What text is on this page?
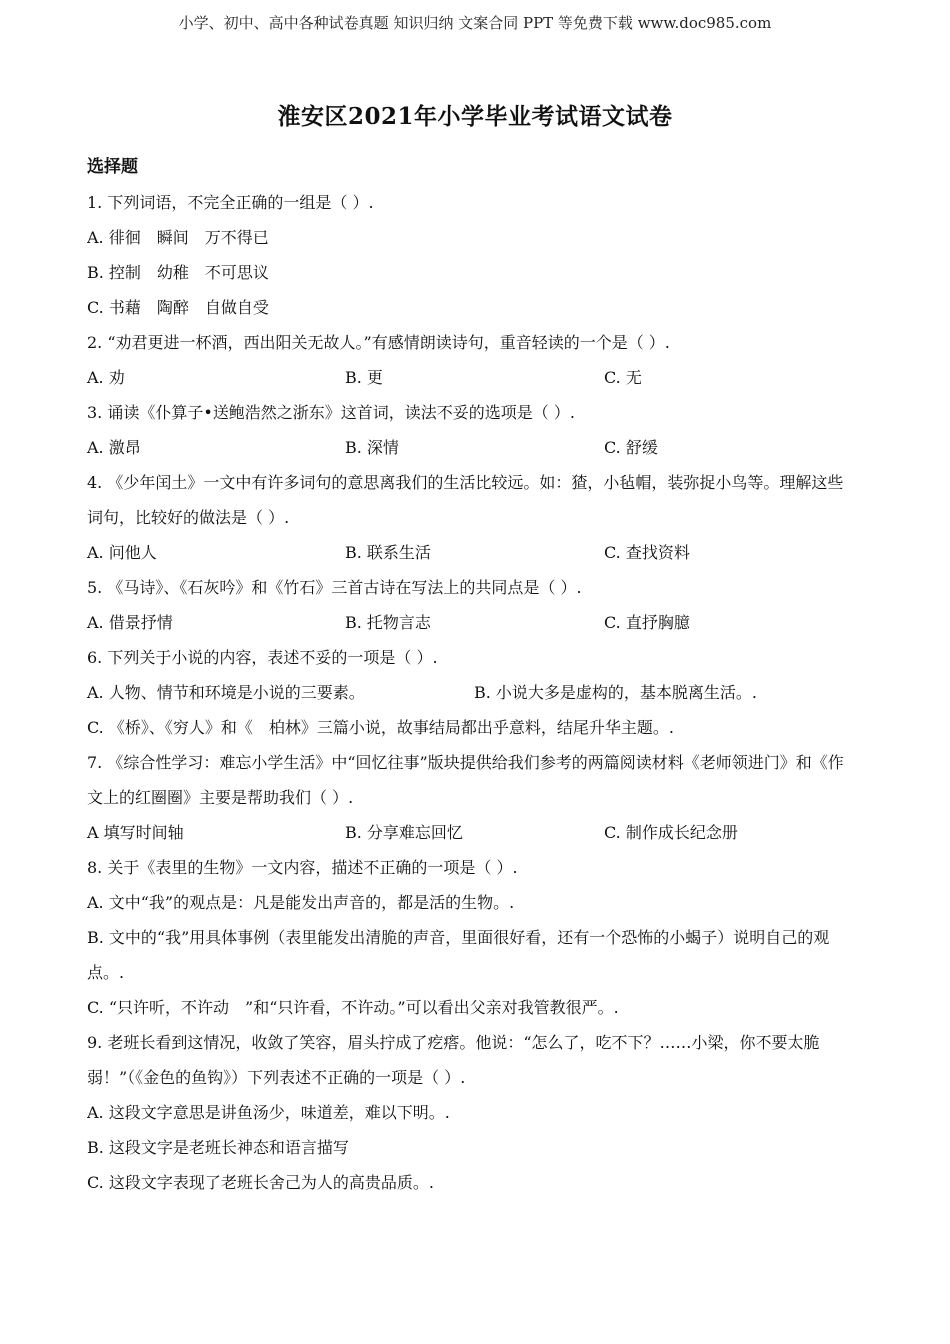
小学、初中、高中各种试卷真题 知识归纳 文案合同 PPT 等免费下载 www.doc985.com
淮安区2021年小学毕业考试语文试卷
选择题
1. 下列词语，不完全正确的一组是（ ）.
A. 徘徊　瞬间　万不得已
B. 控制　幼稚　不可思议
C. 书藉　陶醉　自做自受
2. “劝君更进一杯酒，西出阳关无故人。”有感情朗读诗句，重音轻读的一个是（ ）.
A. 劝	B. 更	C. 无
3. 诵读《仆算子•送鲍浩然之浙东》这首词，读法不妥的选项是（ ）.
A. 激昂	B. 深情	C. 舒缓
4. 《少年闰土》一文中有许多词句的意思离我们的生活比较远。如：猹，小毡帽，装弥捉小鸟等。理解这些词句，比较好的做法是（ ）.
A. 问他人	B. 联系生活	C. 查找资料
5. 《马诗》、《石灰吟》和《竹石》三首古诗在写法上的共同点是（ ）.
A. 借景抒情	B. 托物言志	C. 直抒胸臆
6. 下列关于小说的内容，表述不妥的一项是（ ）.
A. 人物、情节和环境是小说的三要素。	B. 小说大多是虚构的，基本脱离生活。.
C. 《桥》、《穷人》和《　柏林》三篇小说，故事结局都出乎意料，结尾升华主题。.
7. 《综合性学习：难忘小学生活》中“回忆往事”版块提供给我们参考的两篇阅读材料《老师领进门》和《作文上的红圈圈》主要是帮助我们（ ）.
A 填写时间轴	B. 分享难忘回忆	C. 制作成长纪念册
8. 关于《表里的生物》一文内容，描述不正确的一项是（ ）.
A. 文中“我”的观点是：凡是能发出声音的，都是活的生物。.
B. 文中的“我”用具体事例（表里能发出清脆的声音，里面很好看，还有一个恐怖的小蝎子）说明自己的观点。.
C. “只许听，不许动　”和“只许看，不许动。”可以看出父亲对我管教很严。.
9. 老班长看到这情况，收敛了笑容，眉头拧成了疙瘩。他说：“怎么了，吃不下？……小梁，你不要太脆弱！”（《金色的鱼钩》）下列表述不正确的一项是（ ）.
A. 这段文字意思是讲鱼汤少，味道差，难以下明。.
B. 这段文字是老班长神态和语言描写
C. 这段文字表现了老班长舍己为人的高贵品质。.
